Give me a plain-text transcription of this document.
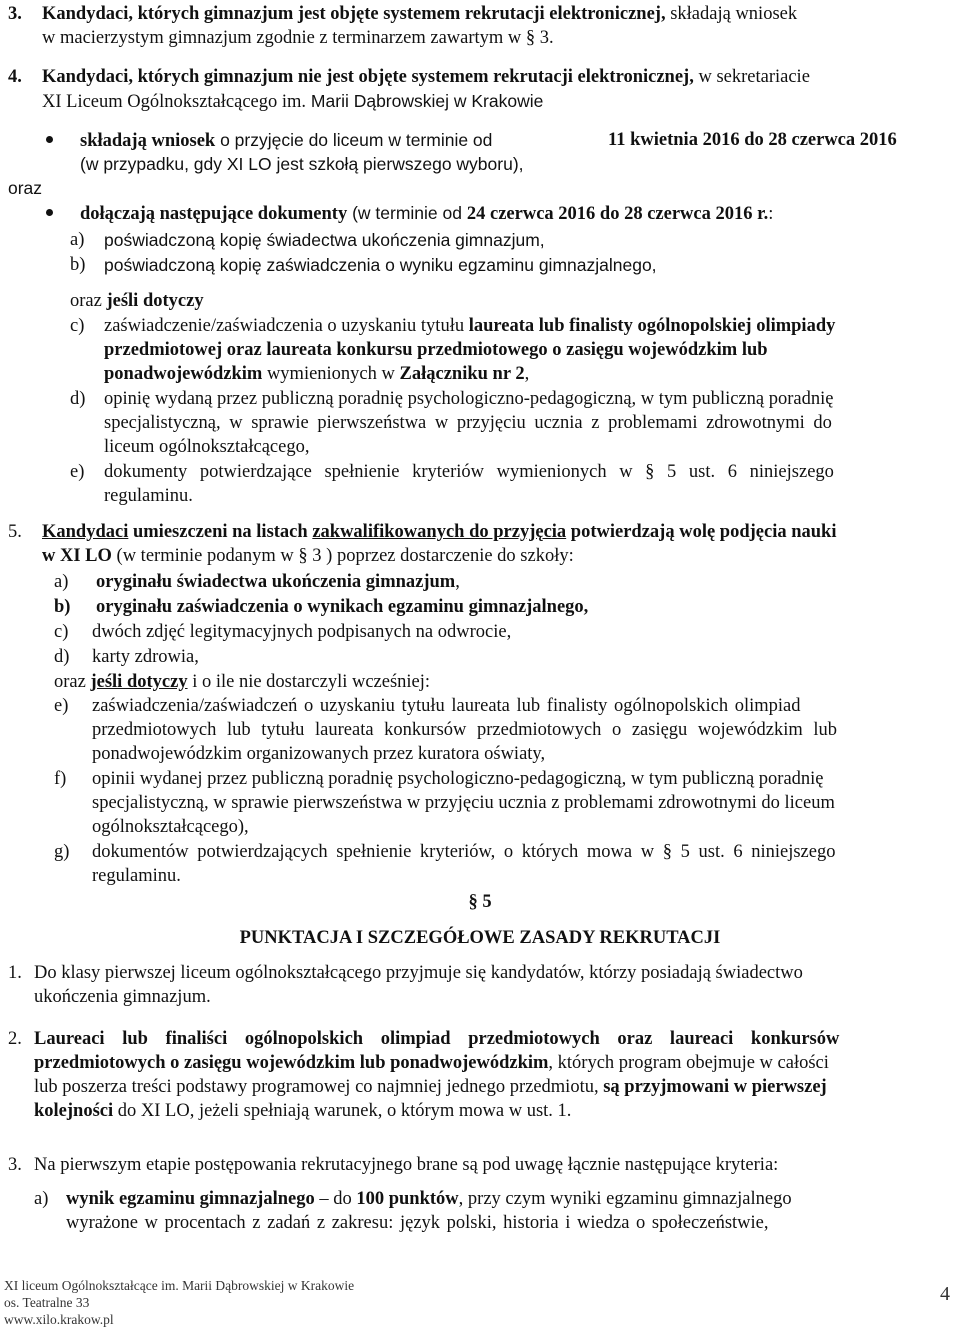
3. Kandydaci, których gimnazjum jest objęte systemem rekrutacji elektronicznej, składają wniosek
w macierzystym gimnazjum zgodnie z terminarzem zawartym w § 3.
4. Kandydaci, których gimnazjum nie jest objęte systemem rekrutacji elektronicznej, w sekretariacie
XI Liceum Ogólnokształcącego im. Marii Dąbrowskiej w Krakowie
składają wniosek o przyjęcie do liceum w terminie od	11 kwietnia 2016 do 28 czerwca 2016
(w przypadku, gdy XI LO jest szkołą pierwszego wyboru),
oraz
dołączają następujące dokumenty (w terminie od 24 czerwca 2016 do 28 czerwca 2016 r.:
a) poświadczoną kopię świadectwa ukończenia gimnazjum,
b) poświadczoną kopię zaświadczenia o wyniku egzaminu gimnazjalnego,
oraz jeśli dotyczy
c) zaświadczenie/zaświadczenia o uzyskaniu tytułu laureata lub finalisty ogólnopolskiej olimpiady
przedmiotowej oraz laureata konkursu przedmiotowego o zasięgu wojewódzkim lub
ponadwojewódzkim wymienionych w Załączniku nr 2,
d) opinię wydaną przez publiczną poradnię psychologiczno-pedagogiczną, w tym publiczną poradnię
specjalistyczną, w sprawie pierwszeństwa w przyjęciu ucznia z problemami zdrowotnymi do
liceum ogólnokształcącego,
e) dokumenty potwierdzające spełnienie kryteriów wymienionych w § 5 ust. 6 niniejszego
regulaminu.
5. Kandydaci umieszczeni na listach zakwalifikowanych do przyjęcia potwierdzają wolę podjęcia nauki
w XI LO (w terminie podanym w § 3 ) poprzez dostarczenie do szkoły:
a) oryginału świadectwa ukończenia gimnazjum,
b) oryginału zaświadczenia o wynikach egzaminu gimnazjalnego,
c) dwóch zdjęć legitymacyjnych podpisanych na odwrocie,
d) karty zdrowia,
oraz jeśli dotyczy i o ile nie dostarczyli wcześniej:
e) zaświadczenia/zaświadczeń o uzyskaniu tytułu laureata lub finalisty ogólnopolskich olimpiad
przedmiotowych lub tytułu laureata konkursów przedmiotowych o zasięgu wojewódzkim lub
ponadwojewódzkim organizowanych przez kuratora oświaty,
f) opinii wydanej przez publiczną poradnię psychologiczno-pedagogiczną, w tym publiczną poradnię
specjalistyczną, w sprawie pierwszeństwa w przyjęciu ucznia z problemami zdrowotnymi do liceum
ogólnokształcącego),
g) dokumentów potwierdzających spełnienie kryteriów, o których mowa w § 5 ust. 6 niniejszego
regulaminu.
§ 5
PUNKTACJA I SZCZEGÓŁOWE ZASADY REKRUTACJI
1. Do klasy pierwszej liceum ogólnokształcącego przyjmuje się kandydatów, którzy posiadają świadectwo
ukończenia gimnazjum.
2. Laureaci lub finaliści ogólnopolskich olimpiad przedmiotowych oraz laureaci konkursów
przedmiotowych o zasięgu wojewódzkim lub ponadwojewódzkim, których program obejmuje w całości
lub poszerza treści podstawy programowej co najmniej jednego przedmiotu, są przyjmowani w pierwszej
kolejności do XI LO, jeżeli spełniają warunek, o którym mowa w ust. 1.
3. Na pierwszym etapie postępowania rekrutacyjnego brane są pod uwagę łącznie następujące kryteria:
a) wynik egzaminu gimnazjalnego – do 100 punktów, przy czym wyniki egzaminu gimnazjalnego
wyrażone w procentach z zadań z zakresu: język polski, historia i wiedza o społeczeństwie,
XI liceum Ogólnokształcące im. Marii Dąbrowskiej w Krakowie
os. Teatralne 33
www.xilo.krakow.pl
4
